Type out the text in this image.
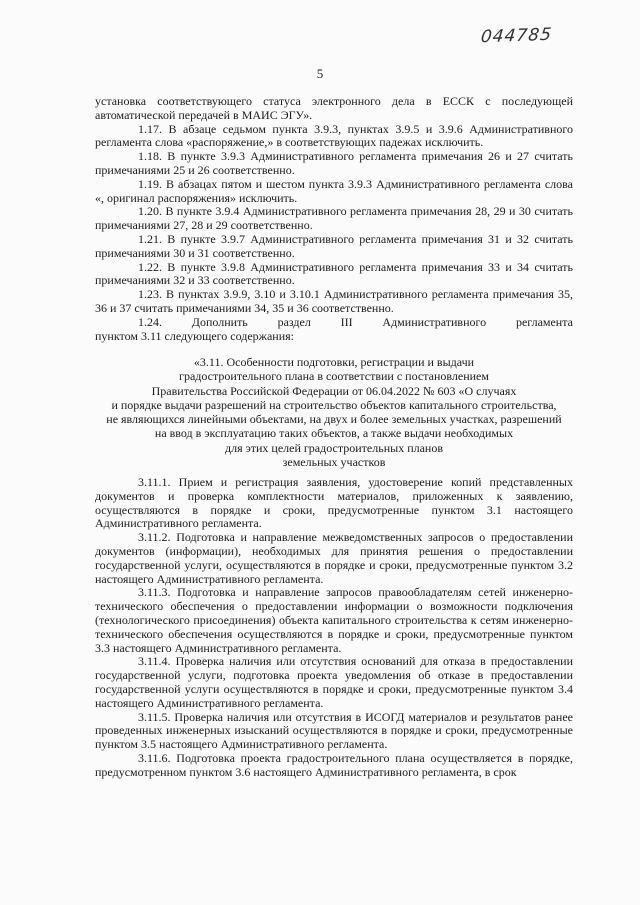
044785
5

установка соответствующего статуса электронного дела в ЕССК с последующей автоматической передачей в МАИС ЭГУ».

1.17. В абзаце седьмом пункта 3.9.3, пунктах 3.9.5 и 3.9.6 Административного регламента слова «распоряжение,» в соответствующих падежах исключить.

1.18. В пункте 3.9.3 Административного регламента примечания 26 и 27 считать примечаниями 25 и 26 соответственно.

1.19. В абзацах пятом и шестом пункта 3.9.3 Административного регламента слова «, оригинал распоряжения» исключить.

1.20. В пункте 3.9.4 Административного регламента примечания 28, 29 и 30 считать примечаниями 27, 28 и 29 соответственно.

1.21. В пункте 3.9.7 Административного регламента примечания 31 и 32 считать примечаниями 30 и 31 соответственно.

1.22. В пункте 3.9.8 Административного регламента примечания 33 и 34 считать примечаниями 32 и 33 соответственно.

1.23. В пунктах 3.9.9, 3.10 и 3.10.1 Административного регламента примечания 35, 36 и 37 считать примечаниями 34, 35 и 36 соответственно.

1.24. Дополнить раздел III Административного регламента

пунктом 3.11 следующего содержания:

«3.11. Особенности подготовки, регистрации и выдачи

градостроительного плана в соответствии с постановлением

Правительства Российской Федерации от 06.04.2022 № 603 «О случаях

и порядке выдачи разрешений на строительство объектов капитального строительства,

не являющихся линейными объектами, на двух и более земельных участках, разрешений

на ввод в эксплуатацию таких объектов, а также выдачи необходимых

для этих целей градостроительных планов

земельных участков

3.11.1. Прием и регистрация заявления, удостоверение копий представленных документов и проверка комплектности материалов, приложенных к заявлению, осуществляются в порядке и сроки, предусмотренные пунктом 3.1 настоящего Административного регламента.

3.11.2. Подготовка и направление межведомственных запросов о предоставлении документов (информации), необходимых для принятия решения о предоставлении государственной услуги, осуществляются в порядке и сроки, предусмотренные пунктом 3.2 настоящего Административного регламента.

3.11.3. Подготовка и направление запросов правообладателям сетей инженерно-технического обеспечения о предоставлении информации о возможности подключения (технологического присоединения) объекта капитального строительства к сетям инженерно-технического обеспечения осуществляются в порядке и сроки, предусмотренные пунктом 3.3 настоящего Административного регламента.

3.11.4. Проверка наличия или отсутствия оснований для отказа в предоставлении государственной услуги, подготовка проекта уведомления об отказе в предоставлении государственной услуги осуществляются в порядке и сроки, предусмотренные пунктом 3.4 настоящего Административного регламента.

3.11.5. Проверка наличия или отсутствия в ИСОГД материалов и результатов ранее проведенных инженерных изысканий осуществляются в порядке и сроки, предусмотренные пунктом 3.5 настоящего Административного регламента.

3.11.6. Подготовка проекта градостроительного плана осуществляется в порядке, предусмотренном пунктом 3.6 настоящего Административного регламента, в срок
